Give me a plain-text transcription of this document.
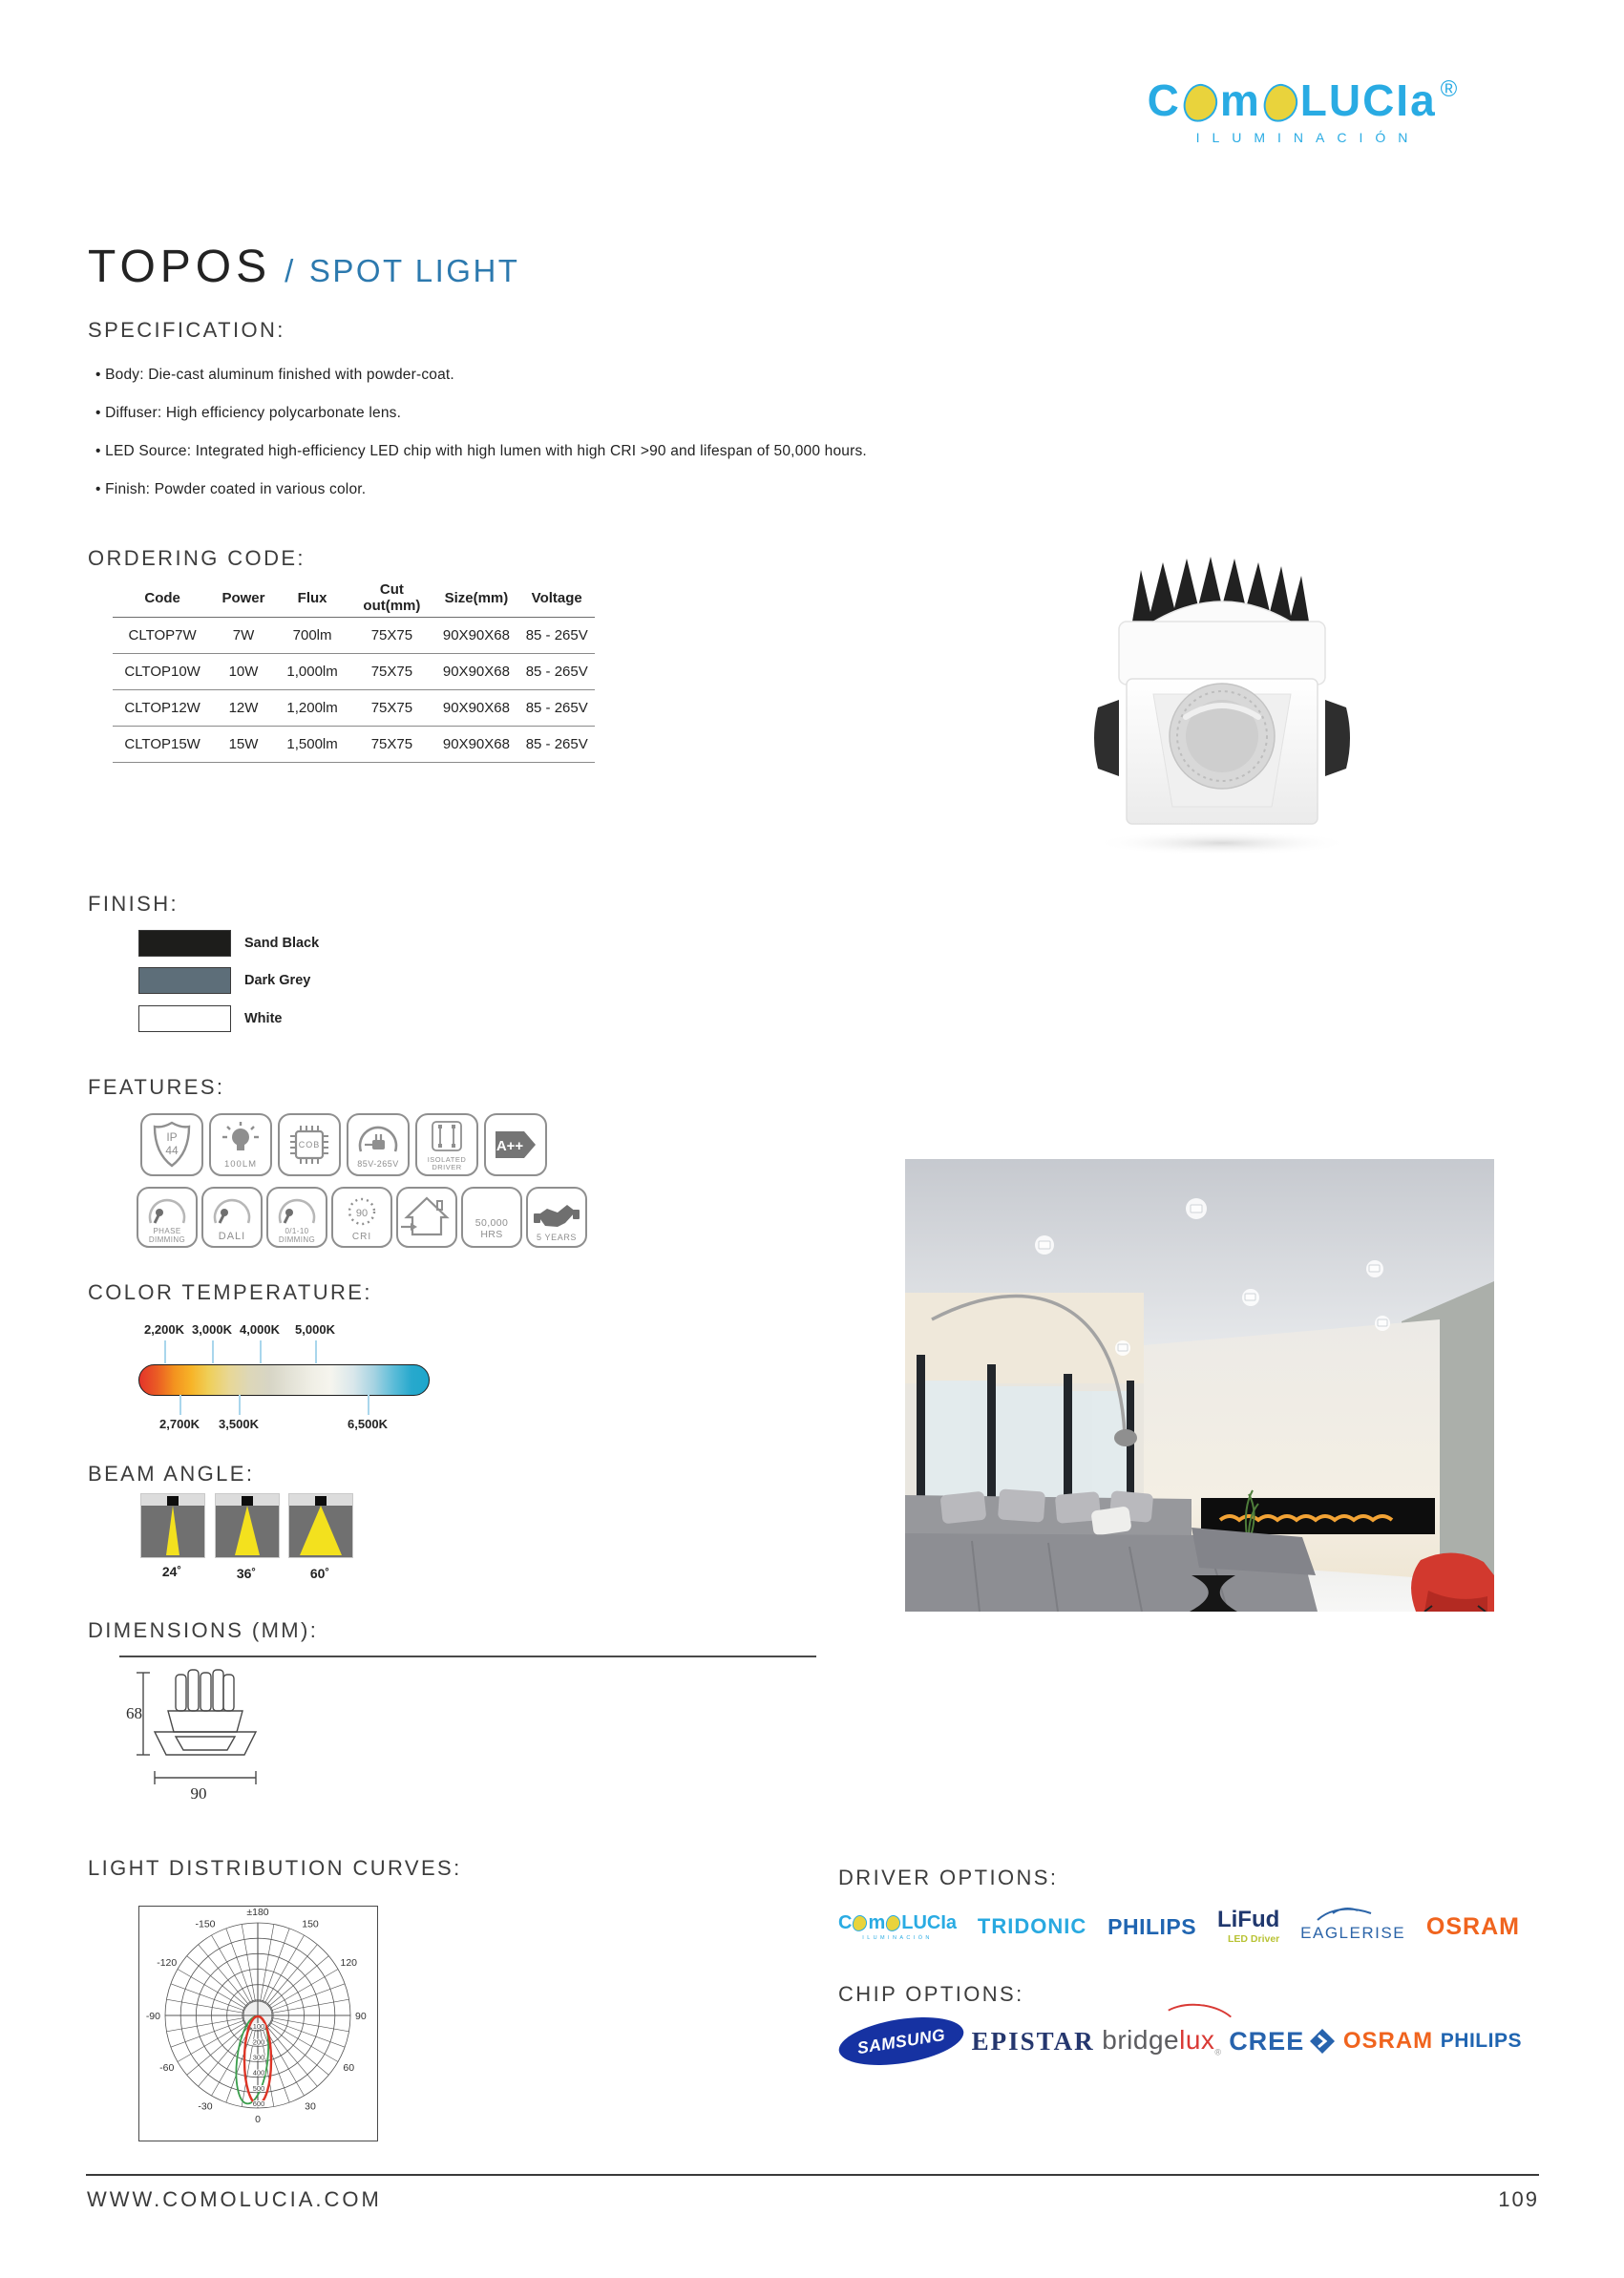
C m LUCIa ®
ILUMINACIÓN
TOPOS / SPOT LIGHT
SPECIFICATION:
• Body: Die-cast aluminum finished with powder-coat.
• Diffuser: High efficiency polycarbonate lens.
• LED Source: Integrated high-efficiency LED chip with high lumen with high CRI >90 and lifespan of 50,000 hours.
• Finish: Powder coated in various color.
ORDERING CODE:
Code	Power	Flux	Cut out(mm)	Size(mm)	Voltage
CLTOP7W	7W	700lm	75X75	90X90X68	85 - 265V
CLTOP10W	10W	1,000lm	75X75	90X90X68	85 - 265V
CLTOP12W	12W	1,200lm	75X75	90X90X68	85 - 265V
CLTOP15W	15W	1,500lm	75X75	90X90X68	85 - 265V
FINISH:
Sand Black
Dark Grey
White
FEATURES:
IP
44
100LM
COB
85V-265V	ISOLATED
DRIVER
A++
PHASE
DIMMING	DALI	0/1-10
DIMMING
90
CRI
50,000
HRS	5 YEARS
COLOR TEMPERATURE:
2,200K 3,000K 4,000K 5,000K
2,700K 3,500K	6,500K
BEAM ANGLE:
24˚	36˚	60˚
DIMENSIONS (MM):
68
90
LIGHT DISTRIBUTION CURVES:
±180
0
150
120
90
60
30
-150
-120
-90
-60
-30
100
200
300
400
500
600
DRIVER OPTIONS:
C m LUCIa
ILUMINACIÓN TRIDONIC PHILIPS LiFud
LED Driver EAGLERISE OSRAM
CHIP OPTIONS:
SAMSUNG EPISTAR bridgelux$_®$ CREE OSRAM PHILIPS
WWW.COMOLUCIA.COM	109
